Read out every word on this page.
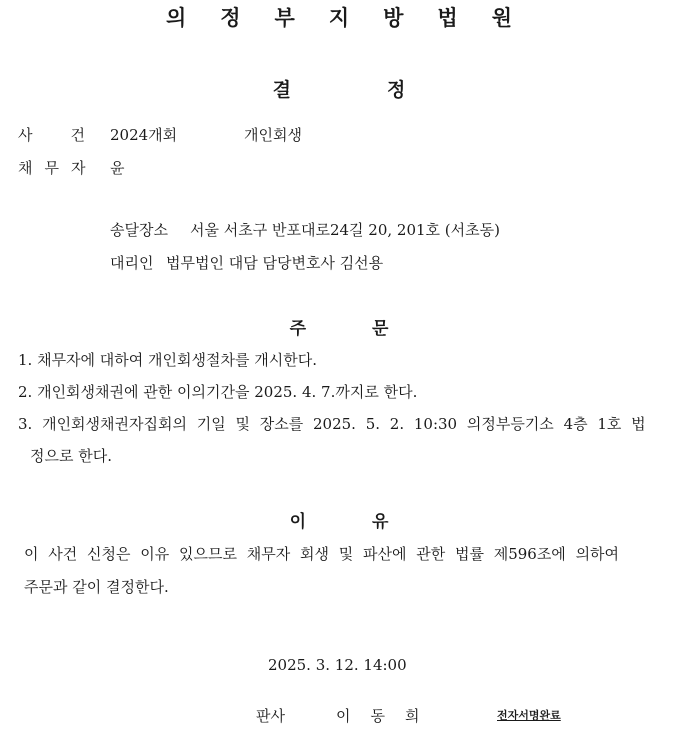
의정부지방법원
결정
사건
2024개회	개인회생
채무자 윤
송달장소 서울 서초구 반포대로24길 20, 201호 (서초동)
대리인 법무법인 대담 담당변호사 김선용
주문
1. 채무자에 대하여 개인회생절차를 개시한다.
2. 개인회생채권에 관한 이의기간을 2025. 4. 7.까지로 한다.
3. 개인회생채권자집회의 기일 및 장소를 2025. 5. 2. 10:30 의정부등기소 4층 1호 법
정으로 한다.
이유
이 사건 신청은 이유 있으므로 채무자 회생 및 파산에 관한 법률 제596조에 의하여
주문과 같이 결정한다.
2025. 3. 12. 14:00
판사	이동희	전자서명완료
